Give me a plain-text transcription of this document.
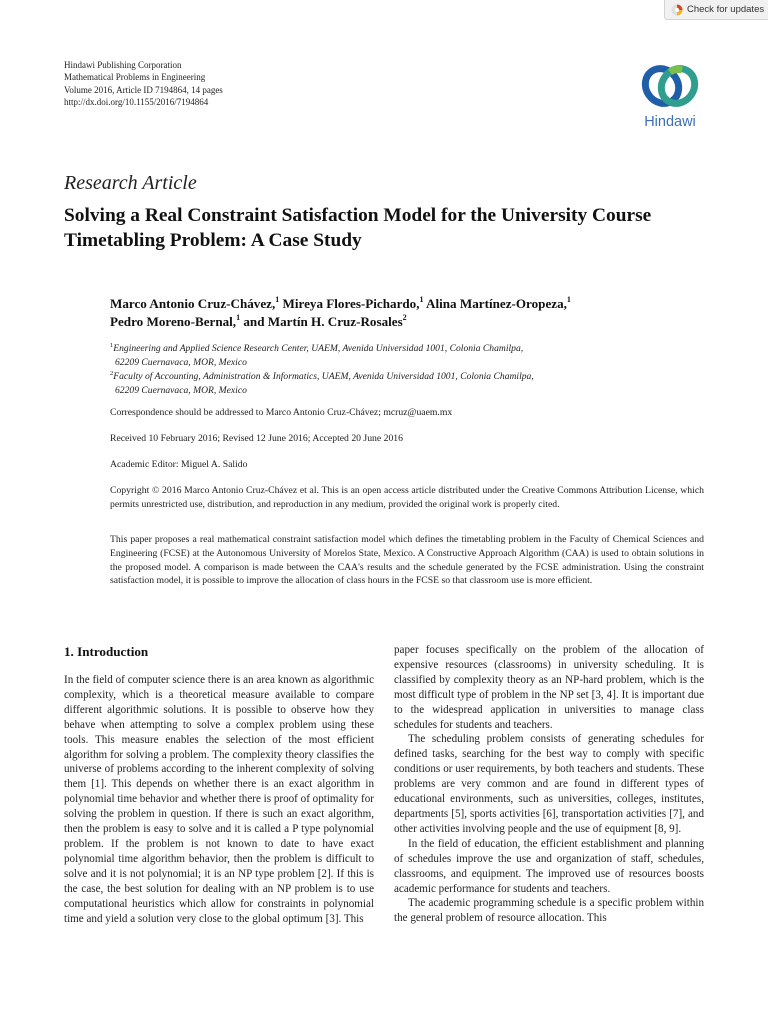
Check for updates
Hindawi Publishing Corporation
Mathematical Problems in Engineering
Volume 2016, Article ID 7194864, 14 pages
http://dx.doi.org/10.1155/2016/7194864
Hindawi
Research Article
Solving a Real Constraint Satisfaction Model for the University Course Timetabling Problem: A Case Study
Marco Antonio Cruz-Chávez,$^1$ Mireya Flores-Pichardo,$^1$ Alina Martínez-Oropeza,$^1$
Pedro Moreno-Bernal,$^1$ and Martín H. Cruz-Rosales$^2$
$^1$Engineering and Applied Science Research Center, UAEM, Avenida Universidad 1001, Colonia Chamilpa,
62209 Cuernavaca, MOR, Mexico
$^2$Faculty of Accounting, Administration & Informatics, UAEM, Avenida Universidad 1001, Colonia Chamilpa,
62209 Cuernavaca, MOR, Mexico
Correspondence should be addressed to Marco Antonio Cruz-Chávez; mcruz@uaem.mx
Received 10 February 2016; Revised 12 June 2016; Accepted 20 June 2016
Academic Editor: Miguel A. Salido
Copyright © 2016 Marco Antonio Cruz-Chávez et al. This is an open access article distributed under the Creative Commons Attribution License, which permits unrestricted use, distribution, and reproduction in any medium, provided the original work is properly cited.

This paper proposes a real mathematical constraint satisfaction model which defines the timetabling problem in the Faculty of Chemical Sciences and Engineering (FCSE) at the Autonomous University of Morelos State, Mexico. A Constructive Approach Algorithm (CAA) is used to obtain solutions in the proposed model. A comparison is made between the CAA's results and the schedule generated by the FCSE administration. Using the constraint satisfaction model, it is possible to improve the allocation of class hours in the FCSE so that classroom use is more efficient.

1. Introduction

In the field of computer science there is an area known as algorithmic complexity, which is a theoretical measure available to compare different algorithmic solutions. It is possible to observe how they behave when attempting to solve a complex problem using these tools. This measure enables the selection of the most efficient algorithm for solving a problem. The complexity theory classifies the universe of problems according to the inherent complexity of solving them [1]. This depends on whether there is an exact algorithm in polynomial time behavior and whether there is proof of optimality for solving the problem in question. If there is such an exact algorithm, then the problem is easy to solve and it is called a P type polynomial problem. If the problem is not known to date to have exact polynomial time algorithm behavior, then the problem is difficult to solve and it is not polynomial; it is an NP type problem [2]. If this is the case, the best solution for dealing with an NP problem is to use computational heuristics which allow for constraints in polynomial time and yield a solution very close to the global optimum [3]. This

paper focuses specifically on the problem of the allocation of expensive resources (classrooms) in university scheduling. It is classified by complexity theory as an NP-hard problem, which is the most difficult type of problem in the NP set [3, 4]. It is important due to the widespread application in universities to manage class schedules for students and teachers.

The scheduling problem consists of generating schedules for defined tasks, searching for the best way to comply with specific conditions or user requirements, by both teachers and students. These problems are very common and are found in different types of educational environments, such as universities, colleges, institutes, departments [5], sports activities [6], transportation activities [7], and other activities involving people and the use of equipment [8, 9].

In the field of education, the efficient establishment and planning of schedules improve the use and organization of staff, schedules, classrooms, and equipment. The improved use of resources boosts academic performance for students and teachers.

The academic programming schedule is a specific problem within the general problem of resource allocation. This
